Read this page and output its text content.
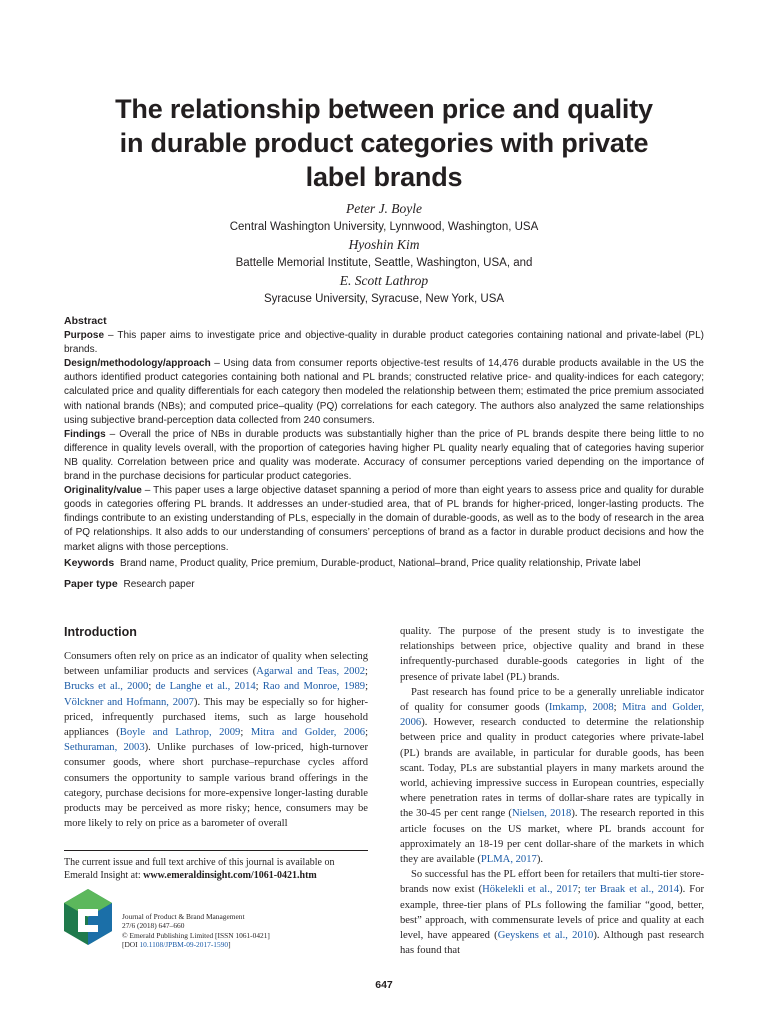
The relationship between price and quality
in durable product categories with private
label brands
Peter J. Boyle
Central Washington University, Lynnwood, Washington, USA
Hyoshin Kim
Battelle Memorial Institute, Seattle, Washington, USA, and
E. Scott Lathrop
Syracuse University, Syracuse, New York, USA
Abstract

Purpose – This paper aims to investigate price and objective-quality in durable product categories containing national and private-label (PL) brands.

Design/methodology/approach – Using data from consumer reports objective-test results of 14,476 durable products available in the US the authors identified product categories containing both national and PL brands; constructed relative price- and quality-indices for each category; calculated price and quality differentials for each category then modeled the relationship between them; estimated the price premium associated with national brands (NBs); and computed price–quality (PQ) correlations for each category. The authors also analyzed the same relationships using subjective brand-perception data collected from 240 consumers.

Findings – Overall the price of NBs in durable products was substantially higher than the price of PL brands despite there being little to no difference in quality levels overall, with the proportion of categories having higher PL quality nearly equaling that of categories having superior NB quality. Correlation between price and quality was moderate. Accuracy of consumer perceptions varied depending on the importance of brand in the purchase decisions for particular product categories.

Originality/value – This paper uses a large objective dataset spanning a period of more than eight years to assess price and quality for durable goods in categories offering PL brands. It addresses an under-studied area, that of PL brands for higher-priced, longer-lasting products. The findings contribute to an existing understanding of PLs, especially in the domain of durable-goods, as well as to the body of research in the area of PQ relationships. It also adds to our understanding of consumers’ perceptions of brand as a factor in durable product decisions and how the market aligns with those perceptions.

Keywords Brand name, Product quality, Price premium, Durable-product, National–brand, Price quality relationship, Private label
Paper type Research paper
Introduction

Consumers often rely on price as an indicator of quality when selecting between unfamiliar products and services (Agarwal and Teas, 2002; Brucks et al., 2000; de Langhe et al., 2014; Rao and Monroe, 1989; Völckner and Hofmann, 2007). This may be especially so for higher-priced, infrequently purchased items, such as large household appliances (Boyle and Lathrop, 2009; Mitra and Golder, 2006; Sethuraman, 2003). Unlike purchases of low-priced, high-turnover consumer goods, where short purchase–repurchase cycles afford consumers the opportunity to sample various brand offerings in the category, purchase decisions for more-expensive longer-lasting durable products may be perceived as more risky; hence, consumers may be more likely to rely on price as a barometer of overall

quality. The purpose of the present study is to investigate the relationships between price, objective quality and brand in these infrequently-purchased durable-goods categories in light of the presence of private label (PL) brands.

Past research has found price to be a generally unreliable indicator of quality for consumer goods (Imkamp, 2008; Mitra and Golder, 2006). However, research conducted to determine the relationship between price and quality in product categories where private-label (PL) brands are available, in particular for durable goods, has been scant. Today, PLs are substantial players in many markets around the world, achieving impressive success in European countries, especially where penetration rates in terms of dollar-share rates are typically in the 30-45 per cent range (Nielsen, 2018). The research reported in this article focuses on the US market, where PL brands account for approximately an 18-19 per cent dollar-share of the markets in which they are available (PLMA, 2017).

So successful has the PL effort been for retailers that multi-tier store-brands now exist (Hökelekli et al., 2017; ter Braak et al., 2014). For example, three-tier plans of PLs following the familiar “good, better, best” approach, with commensurate levels of price and quality at each level, have appeared (Geyskens et al., 2010). Although past research has found that

The current issue and full text archive of this journal is available on
Emerald Insight at: www.emeraldinsight.com/1061-0421.htm
Journal of Product & Brand Management
27/6 (2018) 647–660
© Emerald Publishing Limited [ISSN 1061-0421]
[DOI 10.1108/JPBM-09-2017-1590]
647
